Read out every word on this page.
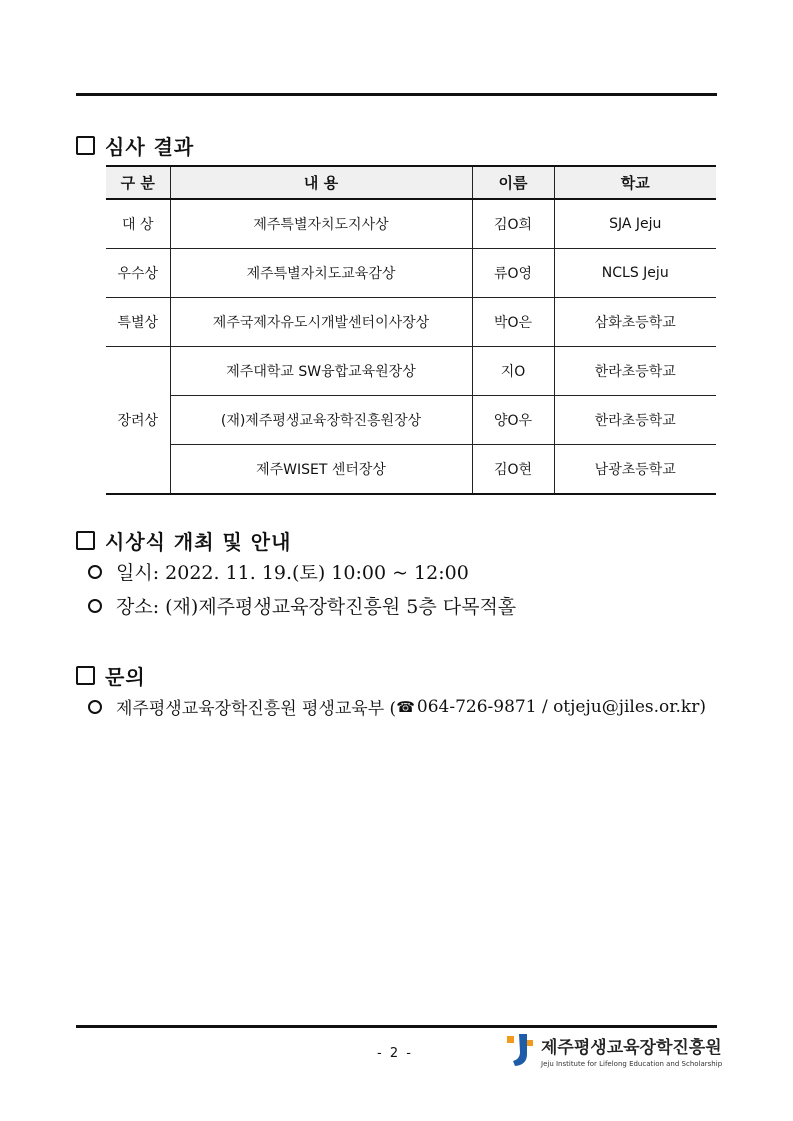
심사 결과
구 분	내 용	이름	학교
대 상	제주특별자치도지사상	김O희	SJA Jeju
우수상	제주특별자치도교육감상	류O영	NCLS Jeju
특별상	제주국제자유도시개발센터이사장상	박O은	삼화초등학교
장려상	제주대학교 SW융합교육원장상	지O	한라초등학교
	(재)제주평생교육장학진흥원장상	양O우	한라초등학교
	제주WISET 센터장상	김O현	남광초등학교
시상식 개최 및 안내
일시: 2022. 11. 19.(토) 10:00 ~ 12:00
장소: (재)제주평생교육장학진흥원 5층 다목적홀
문의
제주평생교육장학진흥원 평생교육부 ( ☎ 064-726-9871 / otjeju@jiles.or.kr)
- 2 -	제주평생교육장학진흥원
Jeju Institute for Lifelong Education and Scholarship
